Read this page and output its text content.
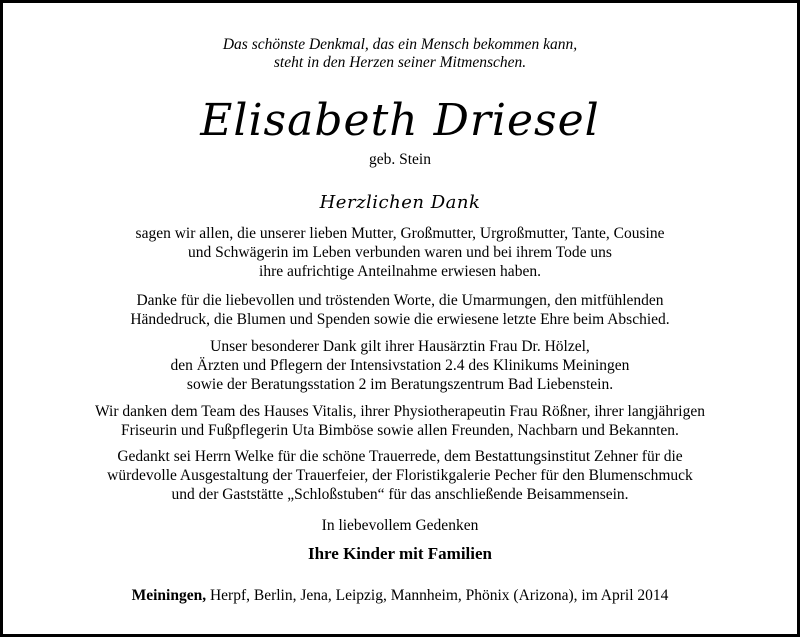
Das schönste Denkmal, das ein Mensch bekommen kann,
steht in den Herzen seiner Mitmenschen.
Elisabeth Driesel
geb. Stein
Herzlichen Dank
sagen wir allen, die unserer lieben Mutter, Großmutter, Urgroßmutter, Tante, Cousine
und Schwägerin im Leben verbunden waren und bei ihrem Tode uns
ihre aufrichtige Anteilnahme erwiesen haben.
Danke für die liebevollen und tröstenden Worte, die Umarmungen, den mitfühlenden
Händedruck, die Blumen und Spenden sowie die erwiesene letzte Ehre beim Abschied.
Unser besonderer Dank gilt ihrer Hausärztin Frau Dr. Hölzel,
den Ärzten und Pflegern der Intensivstation 2.4 des Klinikums Meiningen
sowie der Beratungsstation 2 im Beratungszentrum Bad Liebenstein.
Wir danken dem Team des Hauses Vitalis, ihrer Physiotherapeutin Frau Rößner, ihrer langjährigen
Friseurin und Fußpflegerin Uta Bimböse sowie allen Freunden, Nachbarn und Bekannten.
Gedankt sei Herrn Welke für die schöne Trauerrede, dem Bestattungsinstitut Zehner für die
würdevolle Ausgestaltung der Trauerfeier, der Floristikgalerie Pecher für den Blumenschmuck
und der Gaststätte „Schloßstuben“ für das anschließende Beisammensein.
In liebevollem Gedenken
Ihre Kinder mit Familien
Meiningen, Herpf, Berlin, Jena, Leipzig, Mannheim, Phönix (Arizona), im April 2014
